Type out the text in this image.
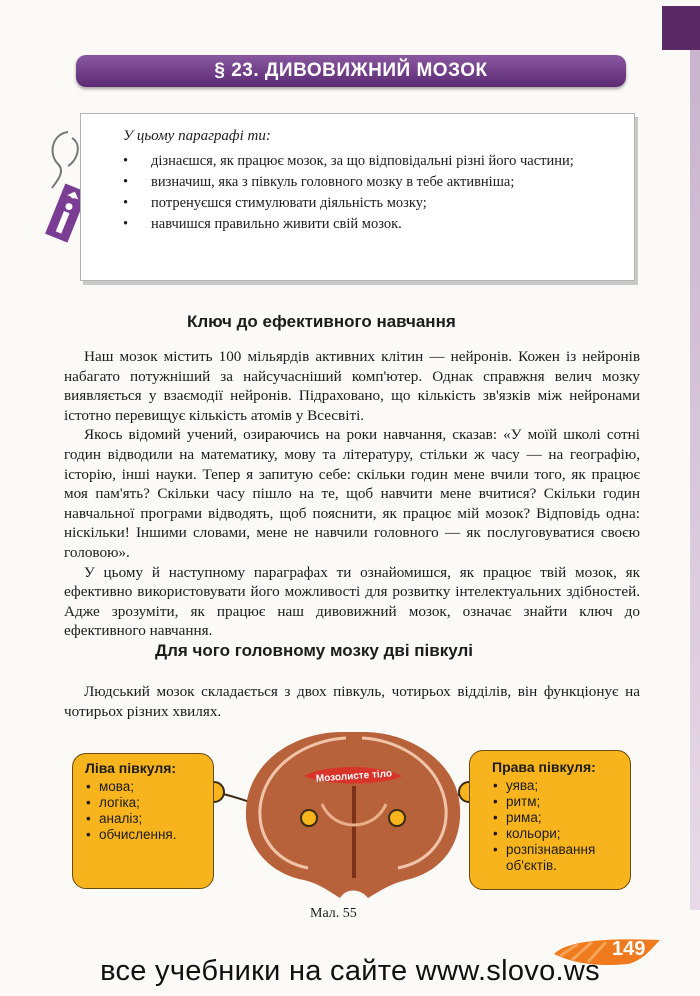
§ 23. ДИВОВИЖНИЙ МОЗОК
У цьому параграфі ти:
• дізнаєшся, як працює мозок, за що відповідальні різні його частини;
• визначиш, яка з півкуль головного мозку в тебе активніша;
• потренуєшся стимулювати діяльність мозку;
• навчишся правильно живити свій мозок.
Ключ до ефективного навчання

Наш мозок містить 100 мільярдів активних клітин — нейронів. Кожен із нейронів набагато потужніший за найсучасніший комп'ютер. Однак справжня велич мозку виявляється у взаємодії нейронів. Підраховано, що кількість зв'язків між нейронами істотно перевищує кількість атомів у Всесвіті.

Якось відомий учений, озираючись на роки навчання, сказав: «У моїй школі сотні годин відводили на математику, мову та літературу, стільки ж часу — на географію, історію, інші науки. Тепер я запитую себе: скільки годин мене вчили того, як працює моя пам'ять? Скільки часу пішло на те, щоб навчити мене вчитися? Скільки годин навчальної програми відводять, щоб пояснити, як працює мій мозок? Відповідь одна: ніскільки! Іншими словами, мене не навчили головного — як послуговуватися своєю головою».

У цьому й наступному параграфах ти ознайомишся, як працює твій мозок, як ефективно використовувати його можливості для розвитку інтелектуальних здібностей. Адже зрозуміти, як працює наш дивовижний мозок, означає знайти ключ до ефективного навчання.

Для чого головному мозку дві півкулі

Людський мозок складається з двох півкуль, чотирьох відділів, він функціонує на чотирьох різних хвилях.

Мозолисте тіло
Ліва півкуля:
• мова;
• логіка;
• аналіз;
• обчислення.
Права півкуля:
• уява;
• ритм;
• рима;
• кольори;
• розпізнавання об'єктів.
Мал. 55
149
все учебники на сайте www.slovo.ws
